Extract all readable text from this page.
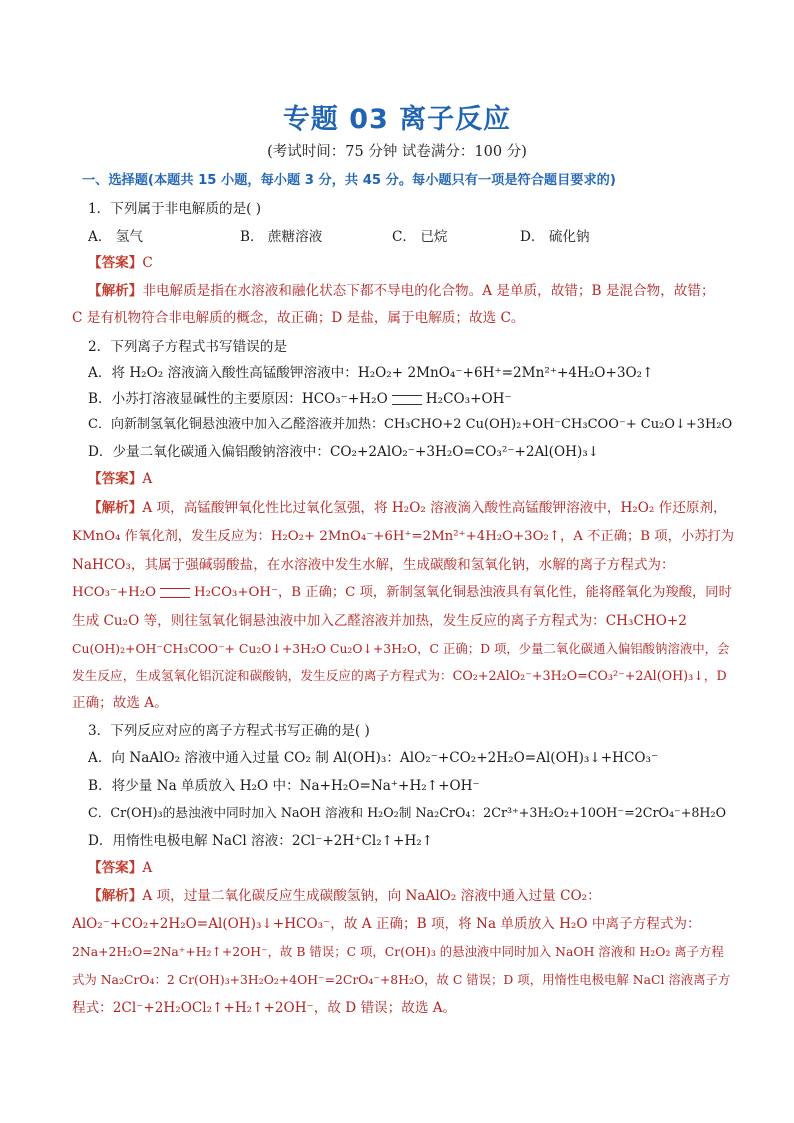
专题 03 离子反应
(考试时间：75 分钟 试卷满分：100 分)
一、选择题(本题共 15 小题，每小题 3 分，共 45 分。每小题只有一项是符合题目要求的)
1．下列属于非电解质的是( )
A． 氢气	B． 蔗糖溶液	C． 已烷	D． 硫化钠
【答案】C
【解析】非电解质是指在水溶液和融化状态下都不导电的化合物。A 是单质，故错；B 是混合物，故错；
C 是有机物符合非电解质的概念，故正确；D 是盐，属于电解质；故选 C。
2．下列离子方程式书写错误的是
A．将 H₂O₂ 溶液滴入酸性高锰酸钾溶液中：H₂O₂+ 2MnO₄⁻+6H⁺=2Mn²⁺+4H₂O+3O₂↑
B．小苏打溶液显碱性的主要原因：HCO₃⁻+H₂O	H₂CO₃+OH⁻
C．向新制氢氧化铜悬浊液中加入乙醛溶液并加热：CH₃CHO+2 Cu(OH)₂+OH⁻CH₃COO⁻+ Cu₂O↓+3H₂O
D．少量二氧化碳通入偏铝酸钠溶液中：CO₂+2AlO₂⁻+3H₂O=CO₃²⁻+2Al(OH)₃↓
【答案】A
【解析】A 项，高锰酸钾氧化性比过氧化氢强，将 H₂O₂ 溶液滴入酸性高锰酸钾溶液中，H₂O₂ 作还原剂，
KMnO₄ 作氧化剂，发生反应为：H₂O₂+ 2MnO₄⁻+6H⁺=2Mn²⁺+4H₂O+3O₂↑，A 不正确；B 项，小苏打为
NaHCO₃，其属于强碱弱酸盐，在水溶液中发生水解，生成碳酸和氢氧化钠，水解的离子方程式为：
HCO₃⁻+H₂O	H₂CO₃+OH⁻，B 正确；C 项，新制氢氧化铜悬浊液具有氧化性，能将醛氧化为羧酸，同时
生成 Cu₂O 等，则往氢氧化铜悬浊液中加入乙醛溶液并加热，发生反应的离子方程式为：CH₃CHO+2
Cu(OH)₂+OH⁻CH₃COO⁻+ Cu₂O↓+3H₂O Cu₂O↓+3H₂O，C 正确；D 项，少量二氧化碳通入偏铝酸钠溶液中，会
发生反应，生成氢氧化铝沉淀和碳酸钠，发生反应的离子方程式为：CO₂+2AlO₂⁻+3H₂O=CO₃²⁻+2Al(OH)₃↓，D
正确；故选 A。
3．下列反应对应的离子方程式书写正确的是( )
A．向 NaAlO₂ 溶液中通入过量 CO₂ 制 Al(OH)₃：AlO₂⁻+CO₂+2H₂O=Al(OH)₃↓+HCO₃⁻
B．将少量 Na 单质放入 H₂O 中：Na+H₂O=Na⁺+H₂↑+OH⁻
C．Cr(OH)₃的悬浊液中同时加入 NaOH 溶液和 H₂O₂制 Na₂CrO₄：2Cr³⁺+3H₂O₂+10OH⁻=2CrO₄⁻+8H₂O
D．用惰性电极电解 NaCl 溶液：2Cl⁻+2H⁺Cl₂↑+H₂↑
【答案】A
【解析】A 项，过量二氧化碳反应生成碳酸氢钠，向 NaAlO₂ 溶液中通入过量 CO₂：
AlO₂⁻+CO₂+2H₂O=Al(OH)₃↓+HCO₃⁻，故 A 正确；B 项，将 Na 单质放入 H₂O 中离子方程式为：
2Na+2H₂O=2Na⁺+H₂↑+2OH⁻，故 B 错误；C 项，Cr(OH)₃ 的悬浊液中同时加入 NaOH 溶液和 H₂O₂ 离子方程
式为 Na₂CrO₄：2 Cr(OH)₃+3H₂O₂+4OH⁻=2CrO₄⁻+8H₂O，故 C 错误；D 项，用惰性电极电解 NaCl 溶液离子方
程式：2Cl⁻+2H₂OCl₂↑+H₂↑+2OH⁻，故 D 错误；故选 A。
